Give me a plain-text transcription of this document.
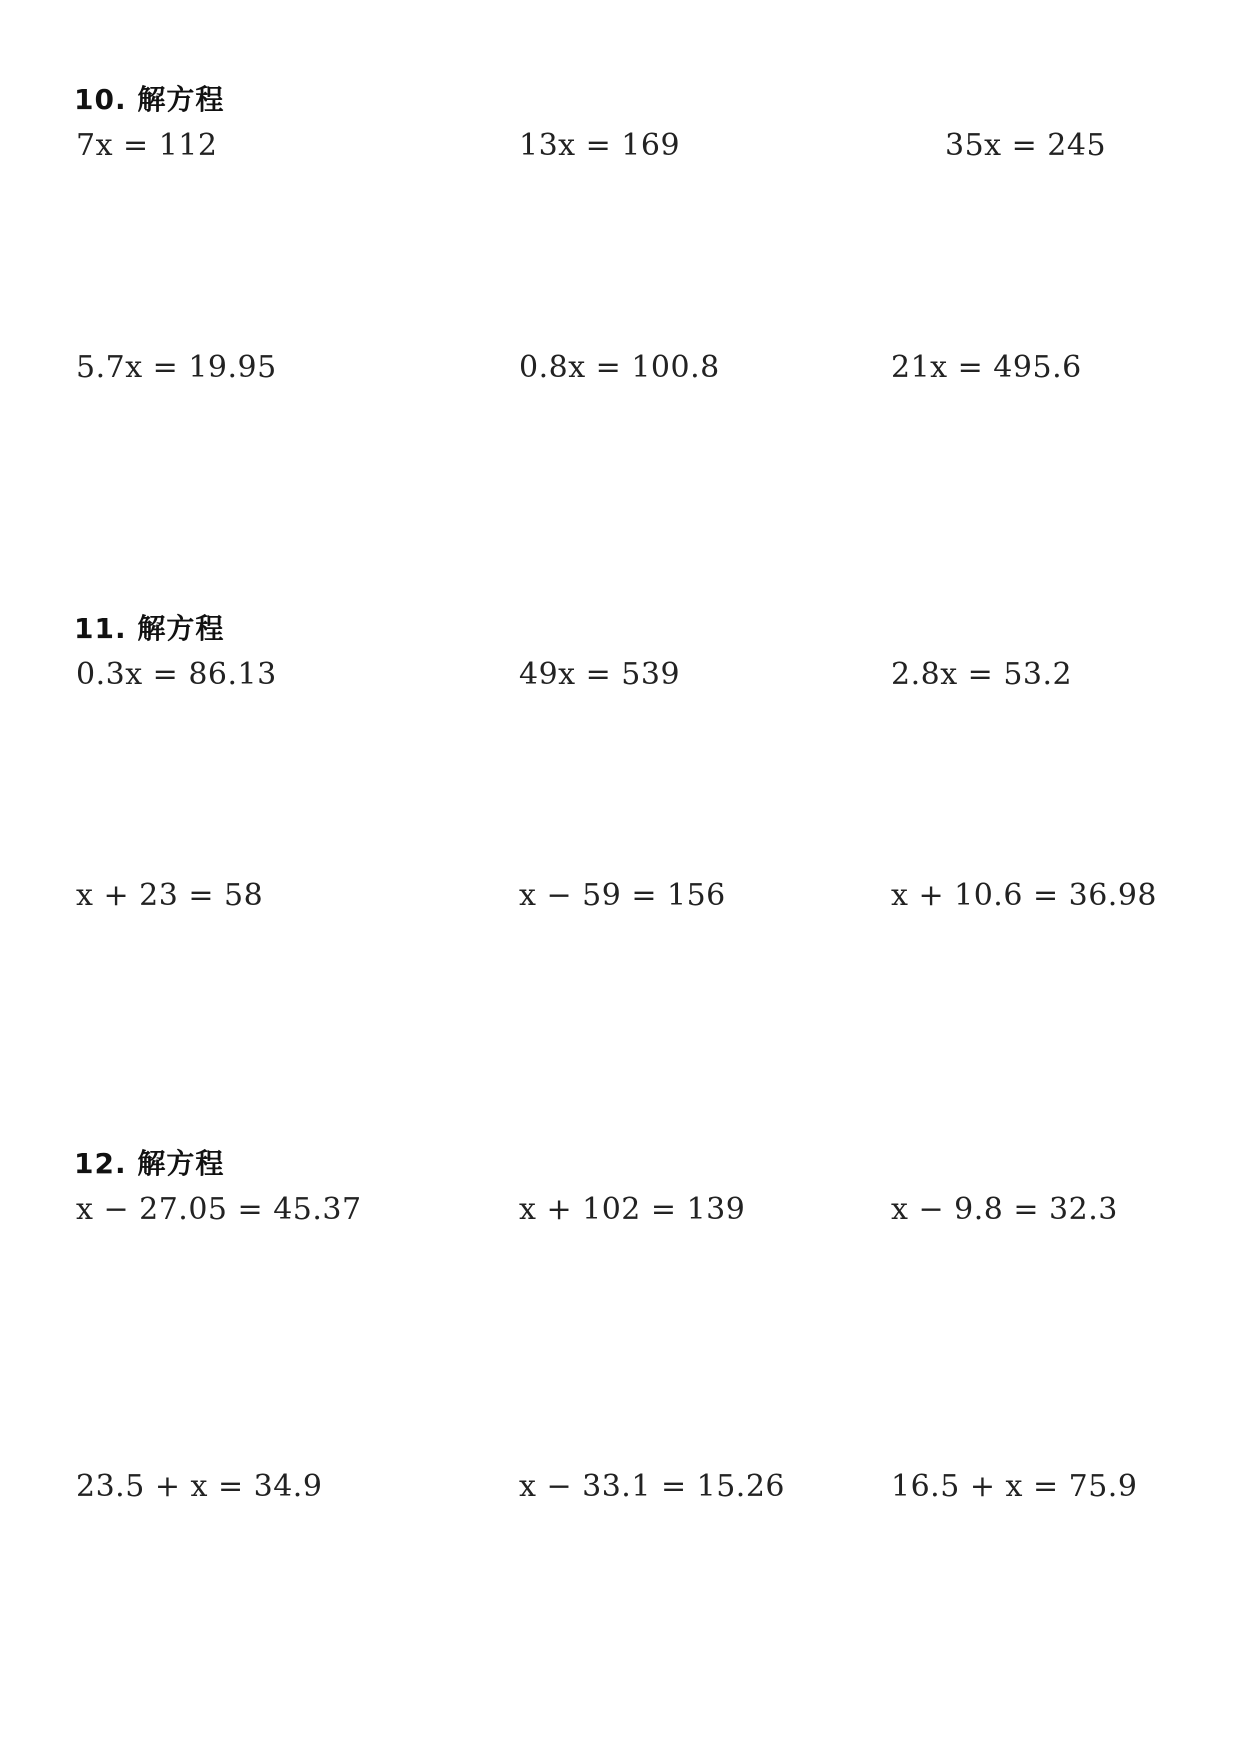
10. 解方程
7x = 112	13x = 169	35x = 245
5.7x = 19.95	0.8x = 100.8	21x = 495.6
11. 解方程
0.3x = 86.13	49x = 539	2.8x = 53.2
x + 23 = 58	x − 59 = 156	x + 10.6 = 36.98
12. 解方程
x − 27.05 = 45.37	x + 102 = 139	x − 9.8 = 32.3
23.5 + x = 34.9	x − 33.1 = 15.26	16.5 + x = 75.9
